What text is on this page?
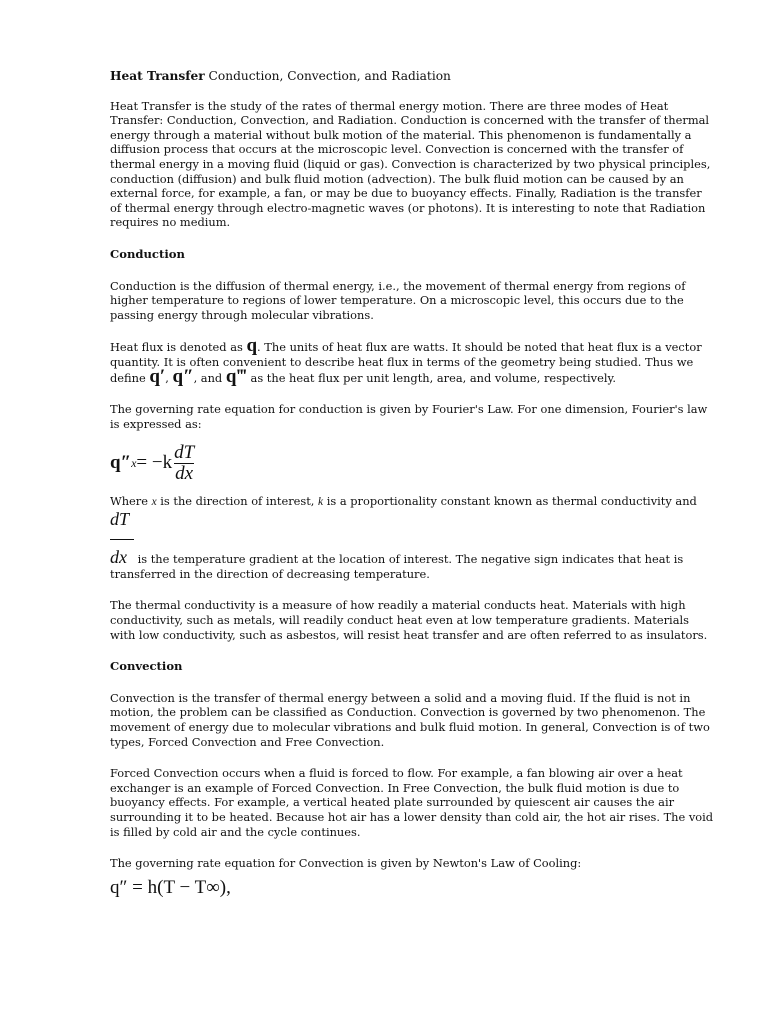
Heat Transfer Conduction, Convection, and Radiation

Heat Transfer is the study of the rates of thermal energy motion. There are three modes of Heat Transfer: Conduction, Convection, and Radiation. Conduction is concerned with the transfer of thermal energy through a material without bulk motion of the material. This phenomenon is fundamentally a diffusion process that occurs at the microscopic level. Convection is concerned with the transfer of thermal energy in a moving fluid (liquid or gas). Convection is characterized by two physical principles, conduction (diffusion) and bulk fluid motion (advection). The bulk fluid motion can be caused by an external force, for example, a fan, or may be due to buoyancy effects. Finally, Radiation is the transfer of thermal energy through electro-magnetic waves (or photons). It is interesting to note that Radiation requires no medium.

Conduction

Conduction is the diffusion of thermal energy, i.e., the movement of thermal energy from regions of higher temperature to regions of lower temperature. On a microscopic level, this occurs due to the passing energy through molecular vibrations.

Heat flux is denoted as q. The units of heat flux are watts. It should be noted that heat flux is a vector quantity. It is often convenient to describe heat flux in terms of the geometry being studied. Thus we define q′, q″, and q‴ as the heat flux per unit length, area, and volume, respectively.

The governing rate equation for conduction is given by Fourier's Law. For one dimension, Fourier's law is expressed as:

q″ $x = -k \frac{dT}{dx}$

Where x is the direction of interest, k is a proportionality constant known as thermal conductivity and
$\frac{dT}{dx}$ is the temperature gradient at the location of interest. The negative sign indicates that heat is transferred in the direction of decreasing temperature.

The thermal conductivity is a measure of how readily a material conducts heat. Materials with high conductivity, such as metals, will readily conduct heat even at low temperature gradients. Materials with low conductivity, such as asbestos, will resist heat transfer and are often referred to as insulators.

Convection

Convection is the transfer of thermal energy between a solid and a moving fluid. If the fluid is not in motion, the problem can be classified as Conduction. Convection is governed by two phenomenon. The movement of energy due to molecular vibrations and bulk fluid motion. In general, Convection is of two types, Forced Convection and Free Convection.

Forced Convection occurs when a fluid is forced to flow. For example, a fan blowing air over a heat exchanger is an example of Forced Convection. In Free Convection, the bulk fluid motion is due to buoyancy effects. For example, a vertical heated plate surrounded by quiescent air causes the air surrounding it to be heated. Because hot air has a lower density than cold air, the hot air rises. The void is filled by cold air and the cycle continues.

The governing rate equation for Convection is given by Newton's Law of Cooling:

q″ = h(T − T∞),
